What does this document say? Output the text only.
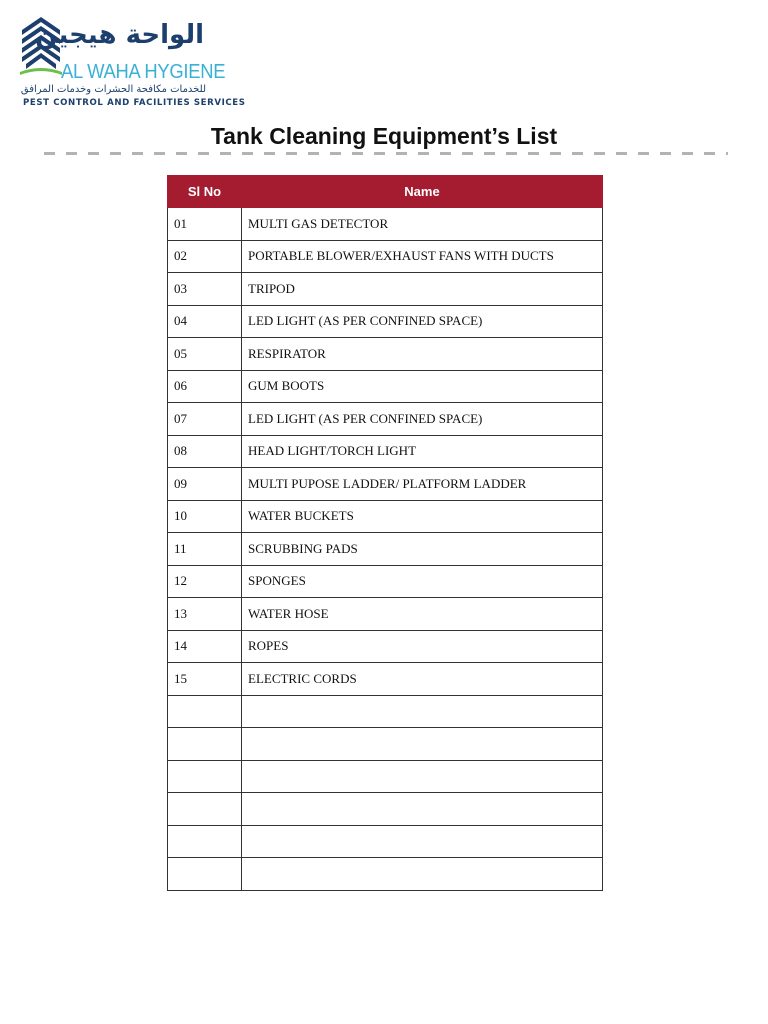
الواحة هيجين
AL WAHA HYGIENE
للخدمات مكافحة الحشرات وخدمات المرافق
PEST CONTROL AND FACILITIES SERVICES
Tank Cleaning Equipment’s List
Sl No	Name
01	MULTI GAS DETECTOR
02	PORTABLE BLOWER/EXHAUST FANS WITH DUCTS
03	TRIPOD
04	LED LIGHT (AS PER CONFINED SPACE)
05	RESPIRATOR
06	GUM BOOTS
07	LED LIGHT (AS PER CONFINED SPACE)
08	HEAD LIGHT/TORCH LIGHT
09	MULTI PUPOSE LADDER/ PLATFORM LADDER
10	WATER BUCKETS
11	SCRUBBING PADS
12	SPONGES
13	WATER HOSE
14	ROPES
15	ELECTRIC CORDS
